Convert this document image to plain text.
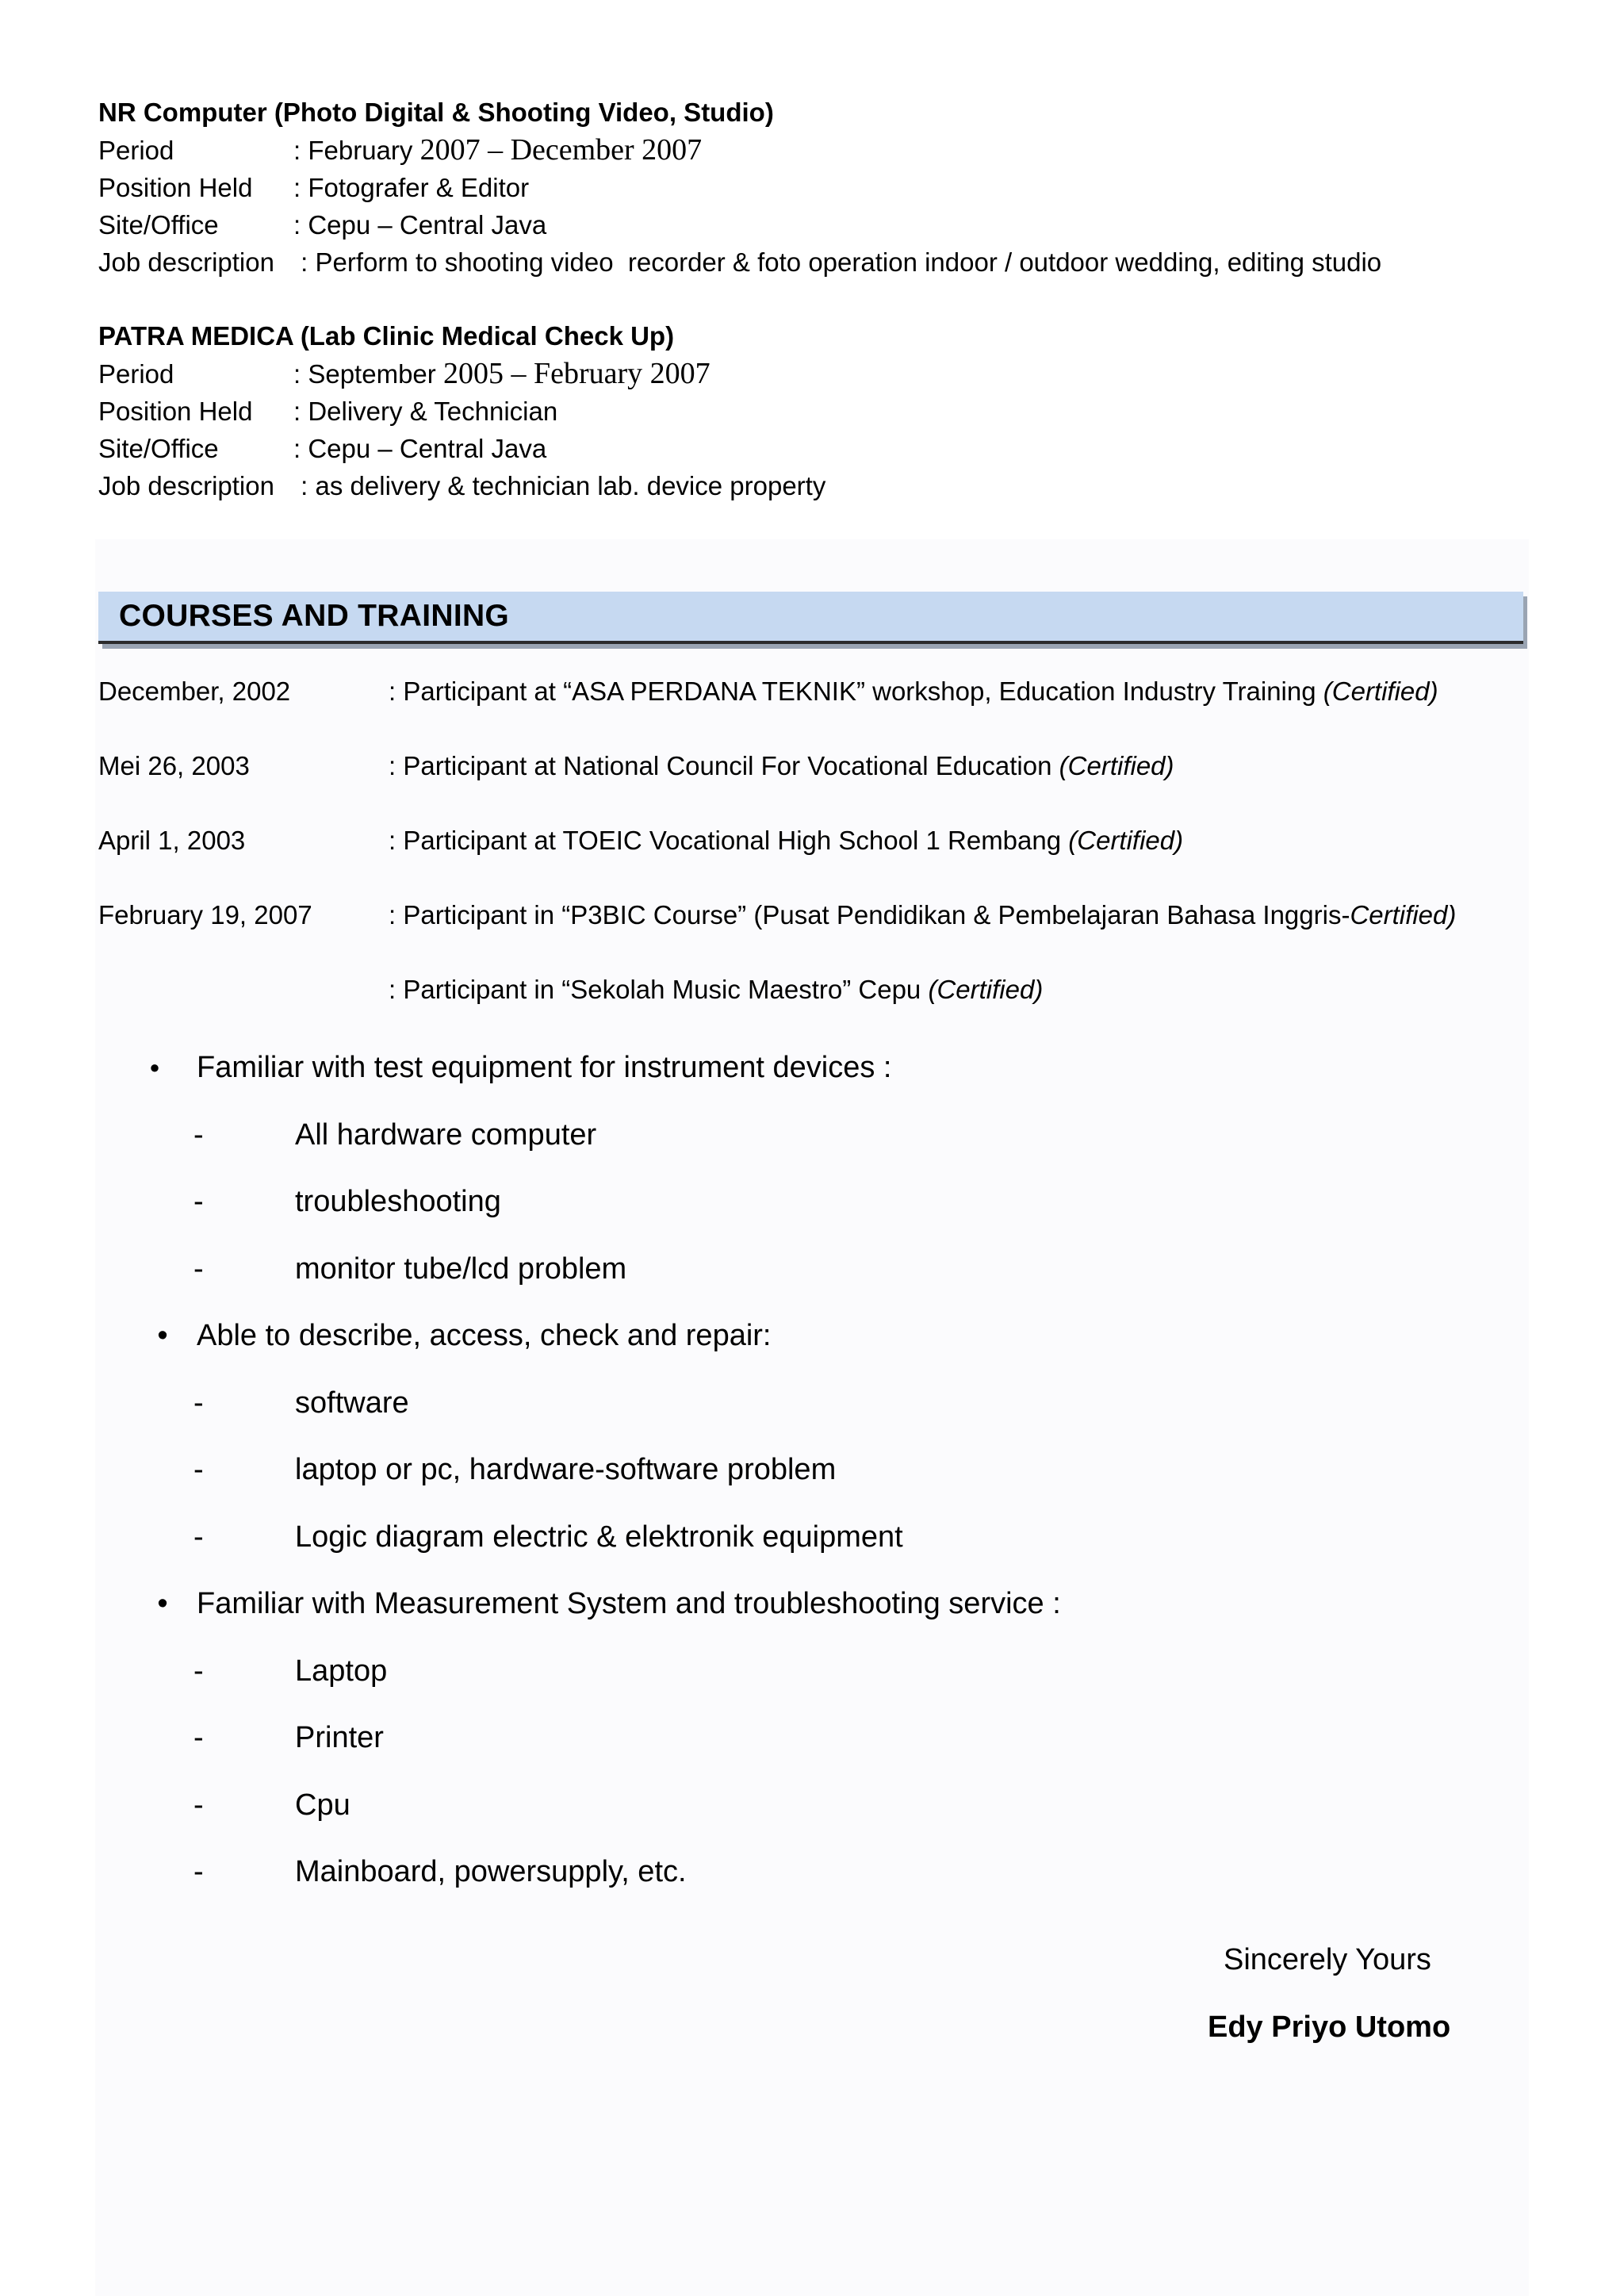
NR Computer (Photo Digital & Shooting Video, Studio)
Period	: February 2007 – December 2007
Position Held	: Fotografer & Editor
Site/Office	: Cepu – Central Java
Job description : Perform to shooting video  recorder & foto operation indoor / outdoor wedding, editing studio
PATRA MEDICA (Lab Clinic Medical Check Up)
Period	: September 2005 – February 2007
Position Held	: Delivery & Technician
Site/Office	: Cepu – Central Java
Job description : as delivery & technician lab. device property
COURSES AND TRAINING
December, 2002	: Participant at “ASA PERDANA TEKNIK” workshop, Education Industry Training (Certified)
Mei 26, 2003	: Participant at National Council For Vocational Education (Certified)
April 1, 2003	: Participant at TOEIC Vocational High School 1 Rembang (Certified)
February 19, 2007	: Participant in “P3BIC Course” (Pusat Pendidikan & Pembelajaran Bahasa Inggris-Certified)
: Participant in “Sekolah Music Maestro” Cepu (Certified)
● Familiar with test equipment for instrument devices :
-	All hardware computer
-	troubleshooting
-	monitor tube/lcd problem
• Able to describe, access, check and repair:
-	software
-	laptop or pc, hardware-software problem
-	Logic diagram electric & elektronik equipment
• Familiar with Measurement System and troubleshooting service :
-	Laptop
-	Printer
-	Cpu
-	Mainboard, powersupply, etc.
Sincerely Yours
Edy Priyo Utomo
